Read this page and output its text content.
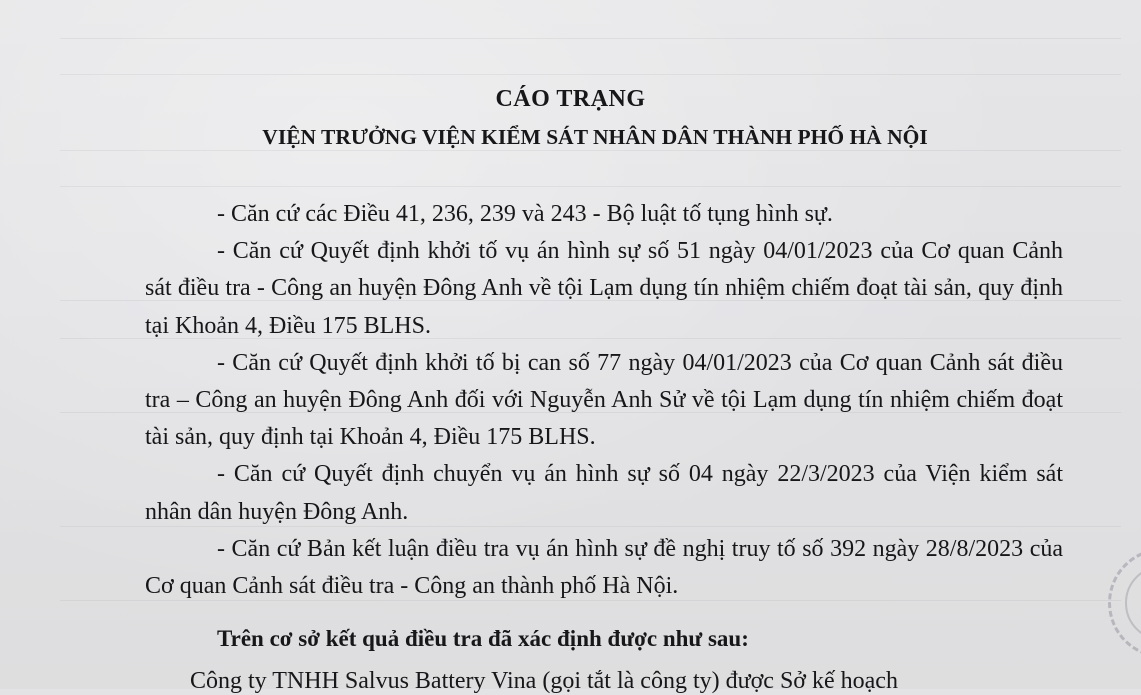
CÁO TRẠNG
VIỆN TRƯỞNG VIỆN KIỂM SÁT NHÂN DÂN THÀNH PHỐ HÀ NỘI

- Căn cứ các Điều 41, 236, 239 và 243 - Bộ luật tố tụng hình sự.

- Căn cứ Quyết định khởi tố vụ án hình sự số 51 ngày 04/01/2023 của Cơ quan Cảnh sát điều tra - Công an huyện Đông Anh về tội Lạm dụng tín nhiệm chiếm đoạt tài sản, quy định tại Khoản 4, Điều 175 BLHS.

- Căn cứ Quyết định khởi tố bị can số 77 ngày 04/01/2023 của Cơ quan Cảnh sát điều tra – Công an huyện Đông Anh đối với Nguyễn Anh Sử về tội Lạm dụng tín nhiệm chiếm đoạt tài sản, quy định tại Khoản 4, Điều 175 BLHS.

- Căn cứ Quyết định chuyển vụ án hình sự số 04 ngày 22/3/2023 của Viện kiểm sát nhân dân huyện Đông Anh.

- Căn cứ Bản kết luận điều tra vụ án hình sự đề nghị truy tố số 392 ngày 28/8/2023 của Cơ quan Cảnh sát điều tra - Công an thành phố Hà Nội.

Trên cơ sở kết quả điều tra đã xác định được như sau:
Công ty TNHH Salvus Battery Vina (gọi tắt là công ty) được Sở kế hoạch
